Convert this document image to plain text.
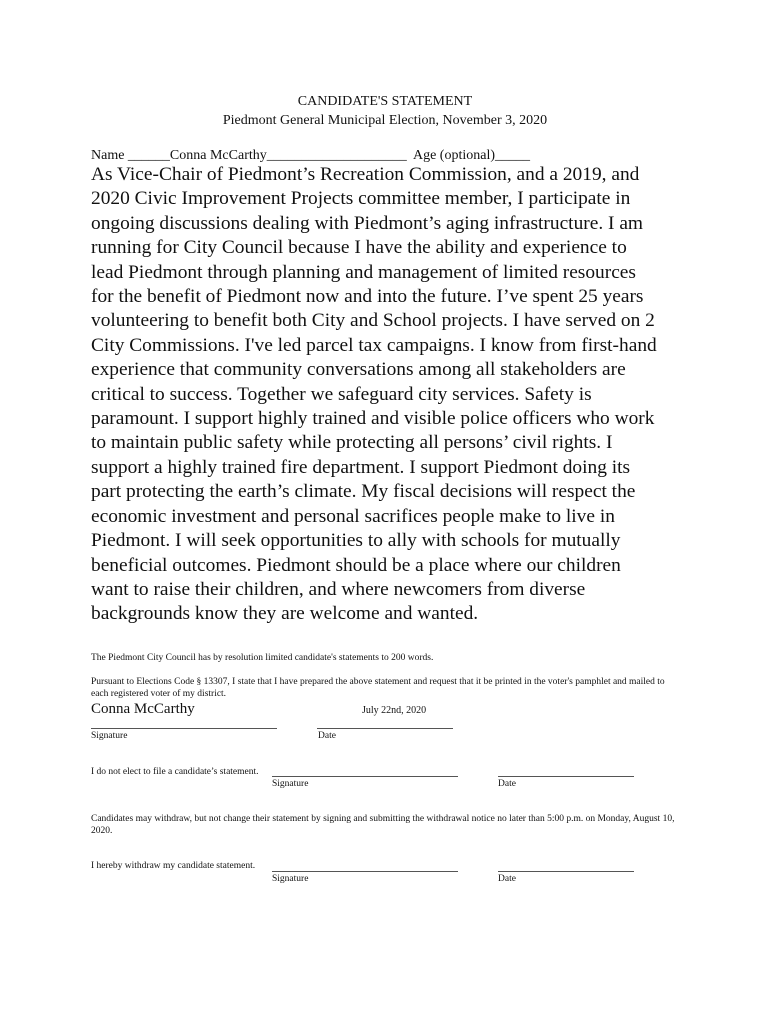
CANDIDATE'S STATEMENT
Piedmont General Municipal Election, November 3, 2020
Name ______Conna McCarthy____________________  Age (optional)_____
As Vice-Chair of Piedmont’s Recreation Commission, and a 2019, and
2020 Civic Improvement Projects committee member, I participate in
ongoing discussions dealing with Piedmont’s aging infrastructure. I am
running for City Council because I have the ability and experience to
lead Piedmont through planning and management of limited resources
for the benefit of Piedmont now and into the future. I’ve spent 25 years
volunteering to benefit both City and School projects. I have served on 2
City Commissions. I've led parcel tax campaigns. I know from first-hand
experience that community conversations among all stakeholders are
critical to success. Together we safeguard city services. Safety is
paramount. I support highly trained and visible police officers who work
to maintain public safety while protecting all persons’ civil rights. I
support a highly trained fire department. I support Piedmont doing its
part protecting the earth’s climate. My fiscal decisions will respect the
economic investment and personal sacrifices people make to live in
Piedmont. I will seek opportunities to ally with schools for mutually
beneficial outcomes. Piedmont should be a place where our children
want to raise their children, and where newcomers from diverse
backgrounds know they are welcome and wanted.
The Piedmont City Council has by resolution limited candidate's statements to 200 words.
Pursuant to Elections Code § 13307, I state that I have prepared the above statement and request that it be printed in the voter's pamphlet and mailed to each registered voter of my district.
Conna McCarthy	July 22nd, 2020
Signature	Date
I do not elect to file a candidate’s statement.
Signature	Date
Candidates may withdraw, but not change their statement by signing and submitting the withdrawal notice no later than 5:00 p.m. on Monday, August 10, 2020.
I hereby withdraw my candidate statement.
Signature	Date
